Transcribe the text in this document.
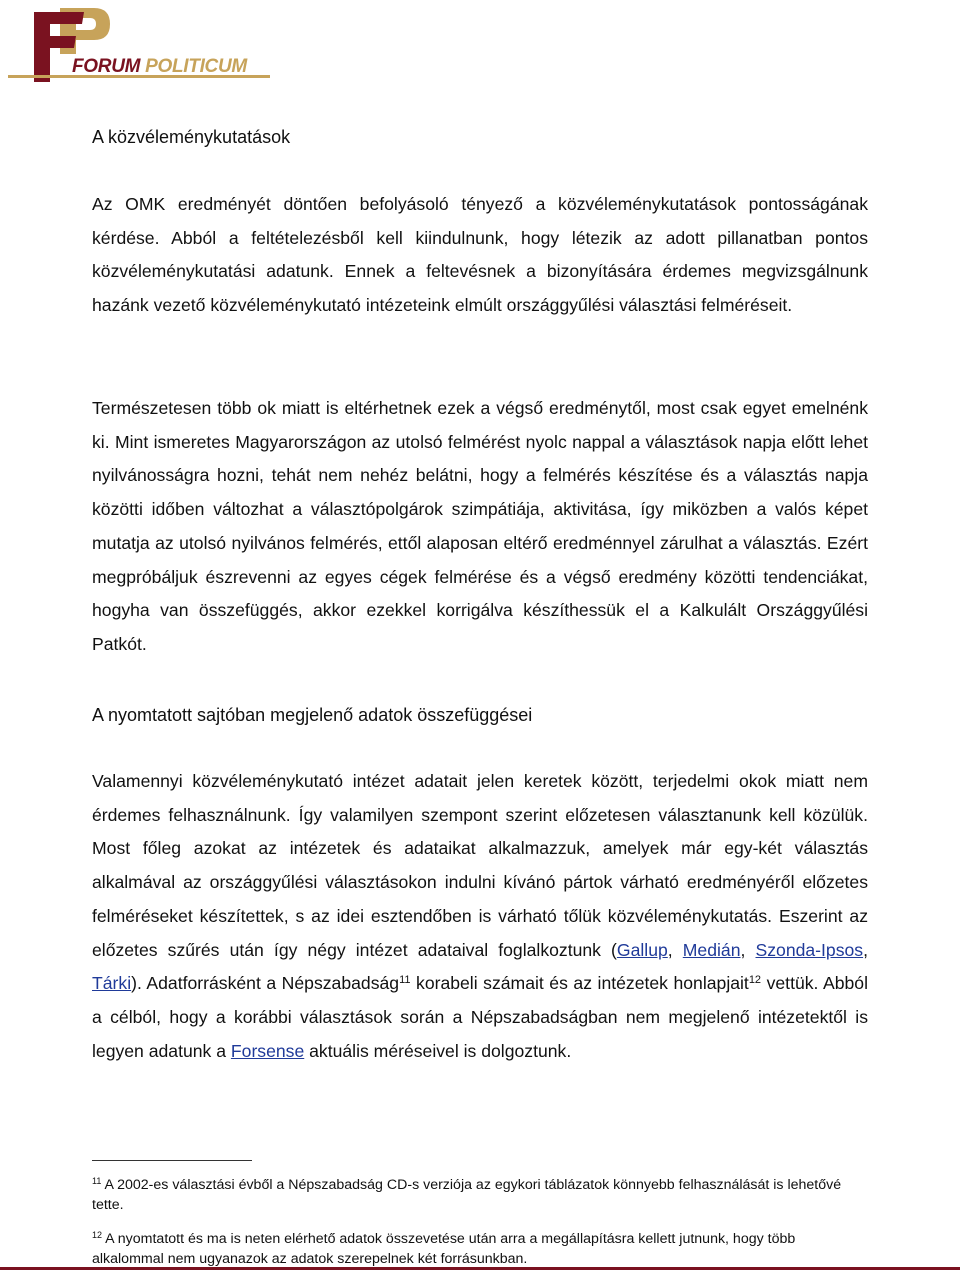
FORUM POLITICUM
A közvéleménykutatások
Az OMK eredményét döntően befolyásoló tényező a közvéleménykutatások pontosságának kérdése. Abból a feltételezésből kell kiindulnunk, hogy létezik az adott pillanatban pontos közvéleménykutatási adatunk. Ennek a feltevésnek a bizonyítására érdemes megvizsgálnunk hazánk vezető közvéleménykutató intézeteink elmúlt országgyűlési választási felméréseit.
Természetesen több ok miatt is eltérhetnek ezek a végső eredménytől, most csak egyet emelnénk ki. Mint ismeretes Magyarországon az utolsó felmérést nyolc nappal a választások napja előtt lehet nyilvánosságra hozni, tehát nem nehéz belátni, hogy a felmérés készítése és a választás napja közötti időben változhat a választópolgárok szimpátiája, aktivitása, így miközben a valós képet mutatja az utolsó nyilvános felmérés, ettől alaposan eltérő eredménnyel zárulhat a választás. Ezért megpróbáljuk észrevenni az egyes cégek felmérése és a végső eredmény közötti tendenciákat, hogyha van összefüggés, akkor ezekkel korrigálva készíthessük el a Kalkulált Országgyűlési Patkót.
A nyomtatott sajtóban megjelenő adatok összefüggései
Valamennyi közvéleménykutató intézet adatait jelen keretek között, terjedelmi okok miatt nem érdemes felhasználnunk. Így valamilyen szempont szerint előzetesen választanunk kell közülük. Most főleg azokat az intézetek és adataikat alkalmazzuk, amelyek már egy-két választás alkalmával az országgyűlési választásokon indulni kívánó pártok várható eredményéről előzetes felméréseket készítettek, s az idei esztendőben is várható tőlük közvéleménykutatás. Eszerint az előzetes szűrés után így négy intézet adataival foglalkoztunk (Gallup, Medián, Szonda-Ipsos, Tárki). Adatforrásként a Népszabadság$^{11}$ korabeli számait és az intézetek honlapjait$^{12}$ vettük. Abból a célból, hogy a korábbi választások során a Népszabadságban nem megjelenő intézetektől is legyen adatunk a Forsense aktuális méréseivel is dolgoztunk.
$^{11}$ A 2002-es választási évből a Népszabadság CD-s verziója az egykori táblázatok könnyebb felhasználását is lehetővé tette.
$^{12}$ A nyomtatott és ma is neten elérhető adatok összevetése után arra a megállapításra kellett jutnunk, hogy több alkalommal nem ugyanazok az adatok szerepelnek két forrásunkban.
